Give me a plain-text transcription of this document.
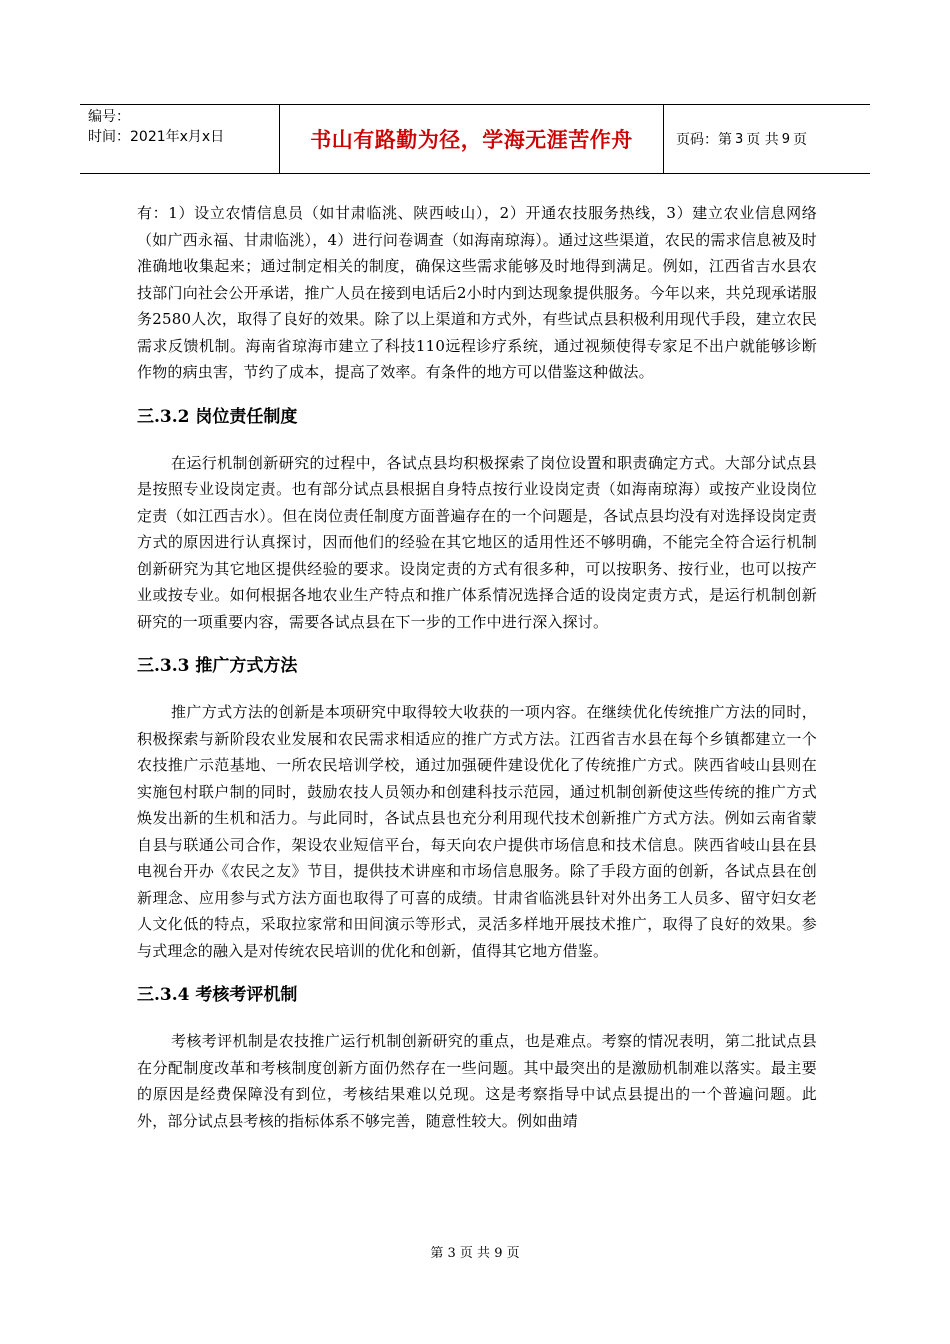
编号：
时间：2021年x月x日	书山有路勤为径，学海无涯苦作舟	页码：第 3 页 共 9 页

有：1）设立农情信息员（如甘肃临洮、陕西岐山），2）开通农技服务热线，3）建立农业信息网络（如广西永福、甘肃临洮），4）进行问卷调查（如海南琼海）。通过这些渠道，农民的需求信息被及时准确地收集起来；通过制定相关的制度，确保这些需求能够及时地得到满足。例如，江西省吉水县农技部门向社会公开承诺，推广人员在接到电话后2小时内到达现象提供服务。今年以来，共兑现承诺服务2580人次，取得了良好的效果。除了以上渠道和方式外，有些试点县积极利用现代手段，建立农民需求反馈机制。海南省琼海市建立了科技110远程诊疗系统，通过视频使得专家足不出户就能够诊断作物的病虫害，节约了成本，提高了效率。有条件的地方可以借鉴这种做法。

三.3.2 岗位责任制度

在运行机制创新研究的过程中，各试点县均积极探索了岗位设置和职责确定方式。大部分试点县是按照专业设岗定责。也有部分试点县根据自身特点按行业设岗定责（如海南琼海）或按产业设岗位定责（如江西吉水）。但在岗位责任制度方面普遍存在的一个问题是，各试点县均没有对选择设岗定责方式的原因进行认真探讨，因而他们的经验在其它地区的适用性还不够明确，不能完全符合运行机制创新研究为其它地区提供经验的要求。设岗定责的方式有很多种，可以按职务、按行业，也可以按产业或按专业。如何根据各地农业生产特点和推广体系情况选择合适的设岗定责方式，是运行机制创新研究的一项重要内容，需要各试点县在下一步的工作中进行深入探讨。

三.3.3 推广方式方法

推广方式方法的创新是本项研究中取得较大收获的一项内容。在继续优化传统推广方法的同时，积极探索与新阶段农业发展和农民需求相适应的推广方式方法。江西省吉水县在每个乡镇都建立一个农技推广示范基地、一所农民培训学校，通过加强硬件建设优化了传统推广方式。陕西省岐山县则在实施包村联户制的同时，鼓励农技人员领办和创建科技示范园，通过机制创新使这些传统的推广方式焕发出新的生机和活力。与此同时，各试点县也充分利用现代技术创新推广方式方法。例如云南省蒙自县与联通公司合作，架设农业短信平台，每天向农户提供市场信息和技术信息。陕西省岐山县在县电视台开办《农民之友》节目，提供技术讲座和市场信息服务。除了手段方面的创新，各试点县在创新理念、应用参与式方法方面也取得了可喜的成绩。甘肃省临洮县针对外出务工人员多、留守妇女老人文化低的特点，采取拉家常和田间演示等形式，灵活多样地开展技术推广，取得了良好的效果。参与式理念的融入是对传统农民培训的优化和创新，值得其它地方借鉴。

三.3.4 考核考评机制

考核考评机制是农技推广运行机制创新研究的重点，也是难点。考察的情况表明，第二批试点县在分配制度改革和考核制度创新方面仍然存在一些问题。其中最突出的是激励机制难以落实。最主要的原因是经费保障没有到位，考核结果难以兑现。这是考察指导中试点县提出的一个普遍问题。此外，部分试点县考核的指标体系不够完善，随意性较大。例如曲靖

第 3 页 共 9 页
